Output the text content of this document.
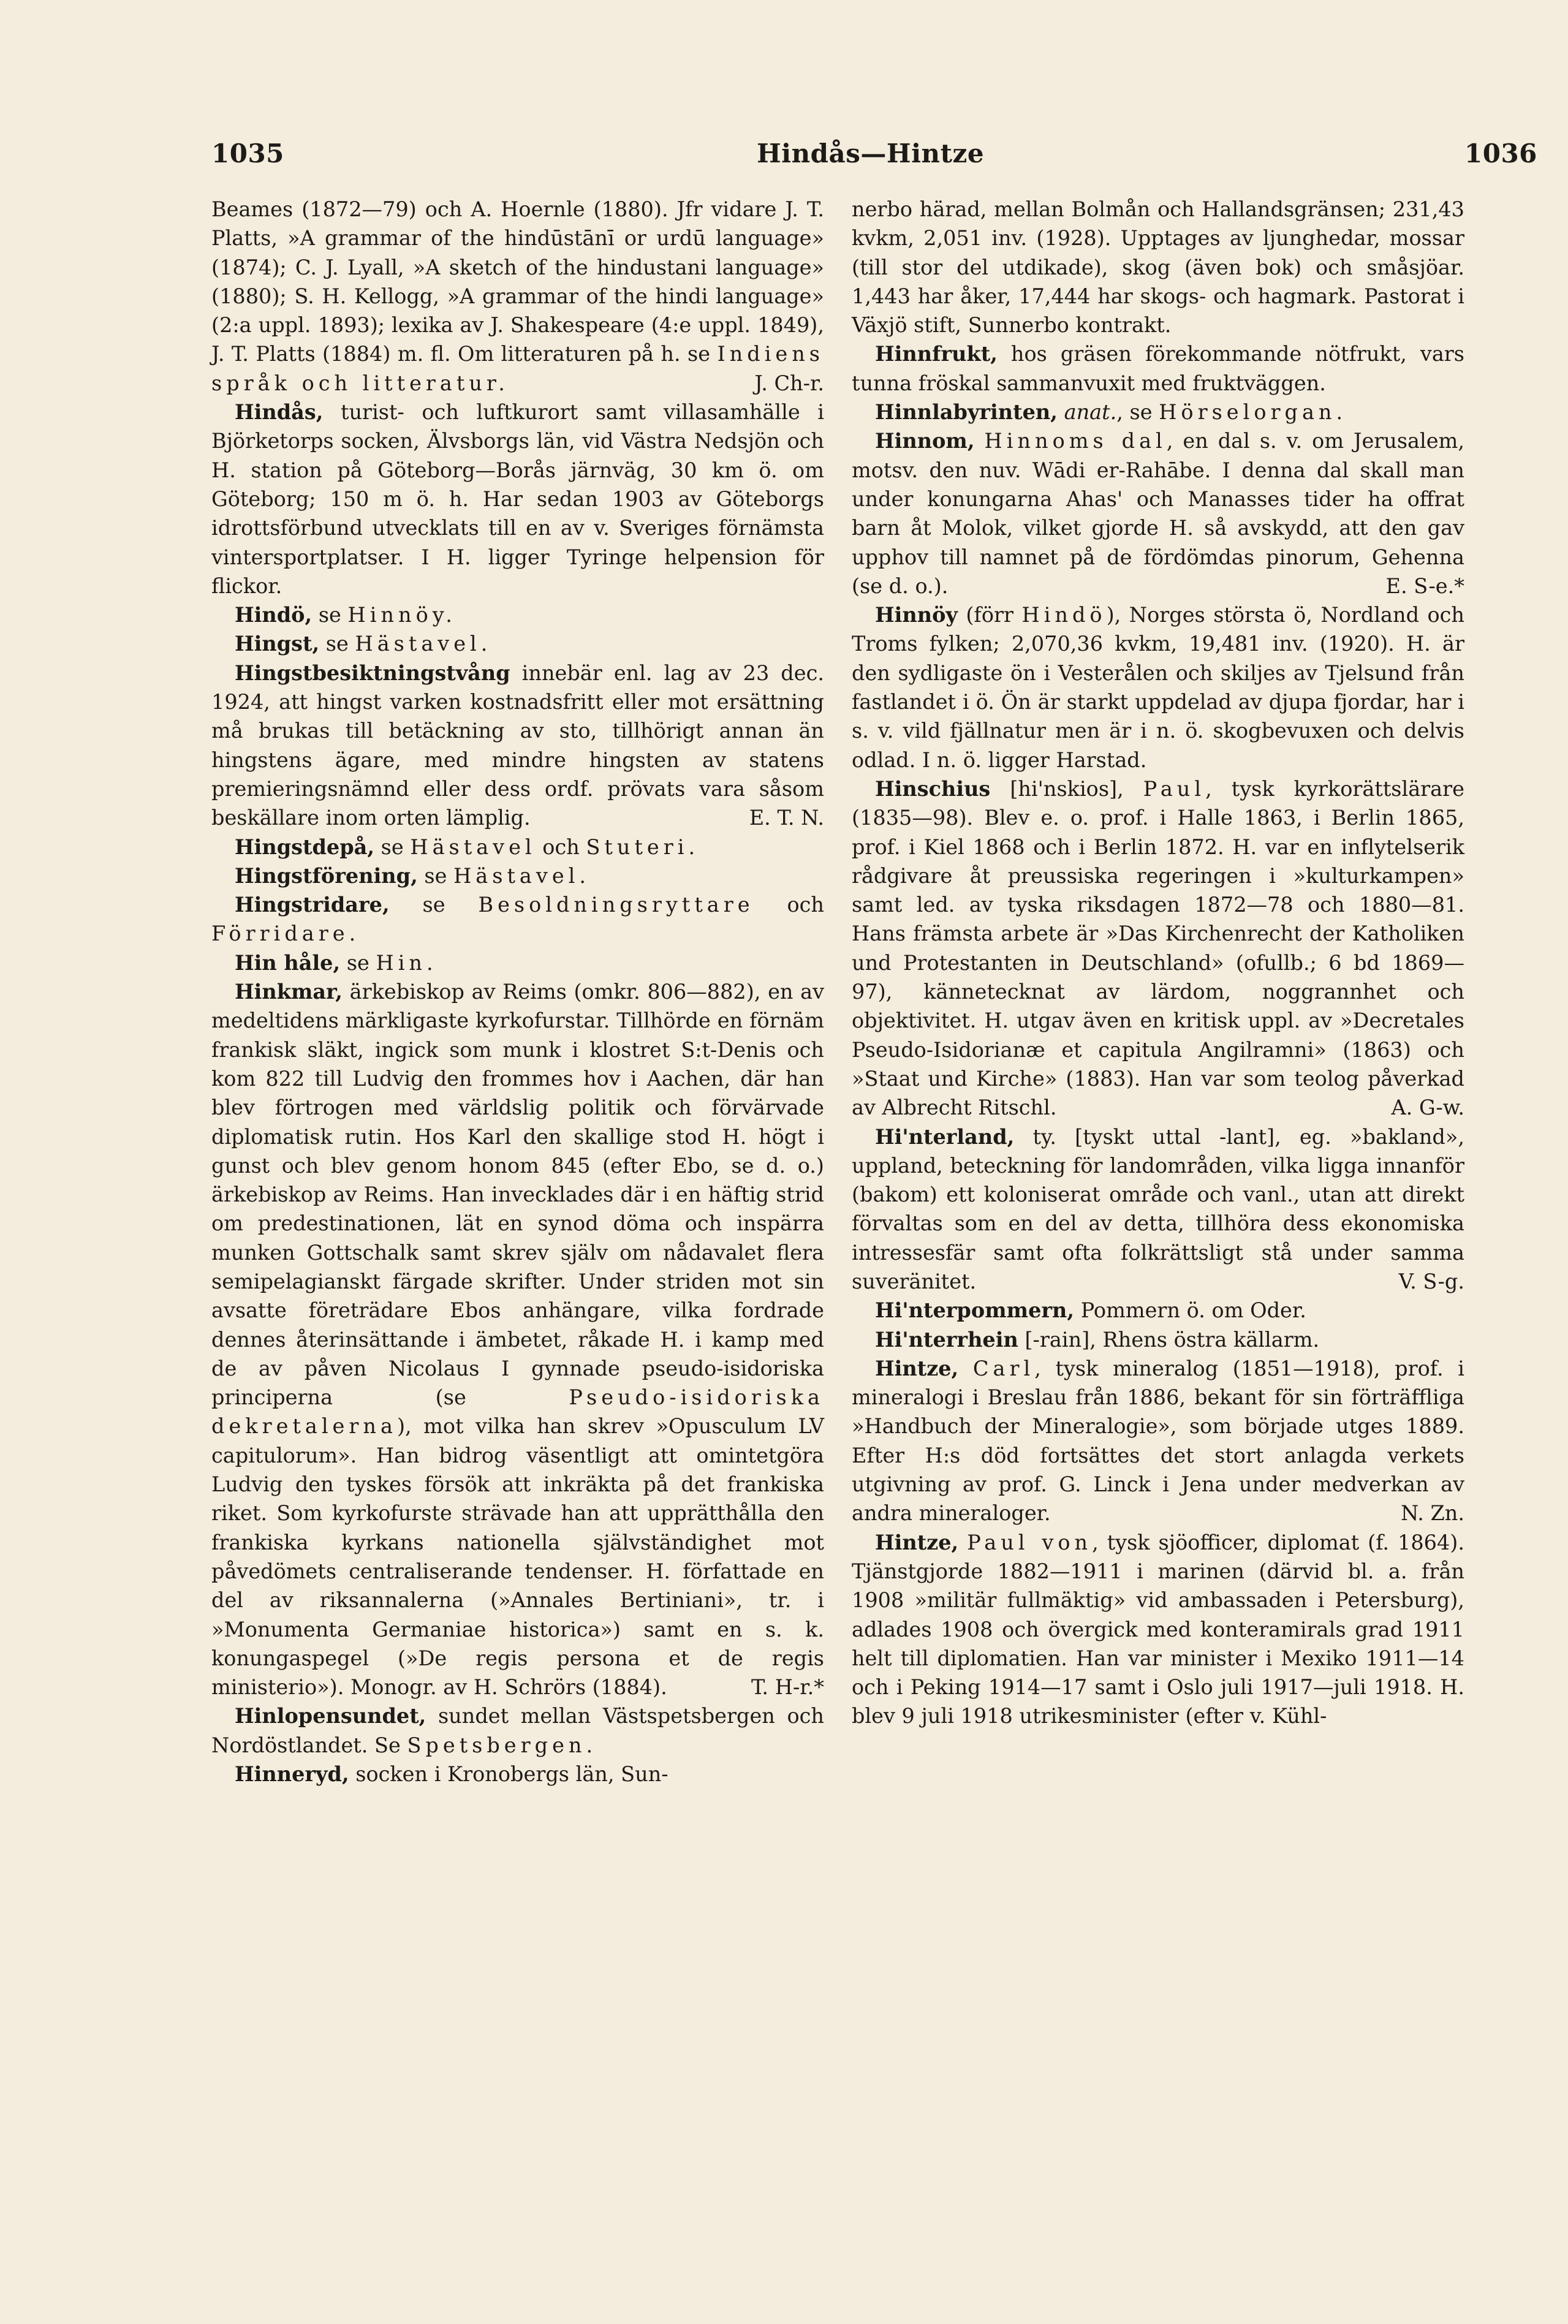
1035	Hindås—Hintze	1036

Beames (1872—79) och A. Hoernle (1880). Jfr vidare J. T. Platts, »A grammar of the hindūstānī or urdū language» (1874); C. J. Lyall, »A sketch of the hindustani language» (1880); S. H. Kellogg, »A grammar of the hindi language» (2:a uppl. 1893); lexika av J. Shakespeare (4:e uppl. 1849), J. T. Platts (1884) m. fl. Om litteraturen på h. se Indiens språk och litteratur.	J. Ch-r.

Hindås, turist- och luftkurort samt villasamhälle i Björketorps socken, Älvsborgs län, vid Västra Nedsjön och H. station på Göteborg—Borås järnväg, 30 km ö. om Göteborg; 150 m ö. h. Har sedan 1903 av Göteborgs idrottsförbund utvecklats till en av v. Sveriges förnämsta vintersportplatser. I H. ligger Tyringe helpension för flickor.

Hindö, se Hinnöy.

Hingst, se Hästavel.

Hingstbesiktningstvång innebär enl. lag av 23 dec. 1924, att hingst varken kostnadsfritt eller mot ersättning må brukas till betäckning av sto, tillhörigt annan än hingstens ägare, med mindre hingsten av statens premieringsnämnd eller dess ordf. prövats vara såsom beskällare inom orten lämplig.	E. T. N.

Hingstdepå, se Hästavel och Stuteri.

Hingstförening, se Hästavel.

Hingstridare, se Besoldningsryttare och Förridare.

Hin håle, se Hin.

Hinkmar, ärkebiskop av Reims (omkr. 806—882), en av medeltidens märkligaste kyrkofurstar. Tillhörde en förnäm frankisk släkt, ingick som munk i klostret S:t-Denis och kom 822 till Ludvig den frommes hov i Aachen, där han blev förtrogen med världslig politik och förvärvade diplomatisk rutin. Hos Karl den skallige stod H. högt i gunst och blev genom honom 845 (efter Ebo, se d. o.) ärkebiskop av Reims. Han invecklades där i en häftig strid om predestinationen, lät en synod döma och inspärra munken Gottschalk samt skrev själv om nådavalet flera semipelagianskt färgade skrifter. Under striden mot sin avsatte företrädare Ebos anhängare, vilka fordrade dennes återinsättande i ämbetet, råkade H. i kamp med de av påven Nicolaus I gynnade pseudo-isidoriska principerna (se Pseudo-isidoriska dekretalerna), mot vilka han skrev »Opusculum LV capitulorum». Han bidrog väsentligt att omintetgöra Ludvig den tyskes försök att inkräkta på det frankiska riket. Som kyrkofurste strävade han att upprätthålla den frankiska kyrkans nationella självständighet mot påvedömets centraliserande tendenser. H. författade en del av riksannalerna (»Annales Bertiniani», tr. i »Monumenta Germaniae historica») samt en s. k. konungaspegel (»De regis persona et de regis ministerio»). Monogr. av H. Schrörs (1884).	T. H-r.*

Hinlopensundet, sundet mellan Västspetsbergen och Nordöstlandet. Se Spetsbergen.

Hinneryd, socken i Kronobergs län, Sun-

nerbo härad, mellan Bolmån och Hallandsgränsen; 231,43 kvkm, 2,051 inv. (1928). Upptages av ljunghedar, mossar (till stor del utdikade), skog (även bok) och småsjöar. 1,443 har åker, 17,444 har skogs- och hagmark. Pastorat i Växjö stift, Sunnerbo kontrakt.

Hinnfrukt, hos gräsen förekommande nötfrukt, vars tunna fröskal sammanvuxit med fruktväggen.

Hinnlabyrinten, anat., se Hörselorgan.

Hinnom, Hinnoms dal, en dal s. v. om Jerusalem, motsv. den nuv. Wādi er-Rahābe. I denna dal skall man under konungarna Ahas' och Manasses tider ha offrat barn åt Molok, vilket gjorde H. så avskydd, att den gav upphov till namnet på de fördömdas pinorum, Gehenna (se d. o.).	E. S-e.*

Hinnöy (förr Hindö), Norges största ö, Nordland och Troms fylken; 2,070,36 kvkm, 19,481 inv. (1920). H. är den sydligaste ön i Vesterålen och skiljes av Tjelsund från fastlandet i ö. Ön är starkt uppdelad av djupa fjordar, har i s. v. vild fjällnatur men är i n. ö. skogbevuxen och delvis odlad. I n. ö. ligger Harstad.

Hinschius [hi'nskios], Paul, tysk kyrkorättslärare (1835—98). Blev e. o. prof. i Halle 1863, i Berlin 1865, prof. i Kiel 1868 och i Berlin 1872. H. var en inflytelserik rådgivare åt preussiska regeringen i »kulturkampen» samt led. av tyska riksdagen 1872—78 och 1880—81. Hans främsta arbete är »Das Kirchenrecht der Katholiken und Protestanten in Deutschland» (ofullb.; 6 bd 1869—97), kännetecknat av lärdom, noggrannhet och objektivitet. H. utgav även en kritisk uppl. av »Decretales Pseudo-Isidorianæ et capitula Angilramni» (1863) och »Staat und Kirche» (1883). Han var som teolog påverkad av Albrecht Ritschl.	A. G-w.

Hi'nterland, ty. [tyskt uttal -lant], eg. »bakland», uppland, beteckning för landområden, vilka ligga innanför (bakom) ett koloniserat område och vanl., utan att direkt förvaltas som en del av detta, tillhöra dess ekonomiska intressesfär samt ofta folkrättsligt stå under samma suveränitet.	V. S-g.

Hi'nterpommern, Pommern ö. om Oder.

Hi'nterrhein [-rain], Rhens östra källarm.

Hintze, Carl, tysk mineralog (1851—1918), prof. i mineralogi i Breslau från 1886, bekant för sin förträffliga »Handbuch der Mineralogie», som började utges 1889. Efter H:s död fortsättes det stort anlagda verkets utgivning av prof. G. Linck i Jena under medverkan av andra mineraloger.	N. Zn.

Hintze, Paul von, tysk sjöofficer, diplomat (f. 1864). Tjänstgjorde 1882—1911 i marinen (därvid bl. a. från 1908 »militär fullmäktig» vid ambassaden i Petersburg), adlades 1908 och övergick med konteramirals grad 1911 helt till diplomatien. Han var minister i Mexiko 1911—14 och i Peking 1914—17 samt i Oslo juli 1917—juli 1918. H. blev 9 juli 1918 utrikesminister (efter v. Kühl-
